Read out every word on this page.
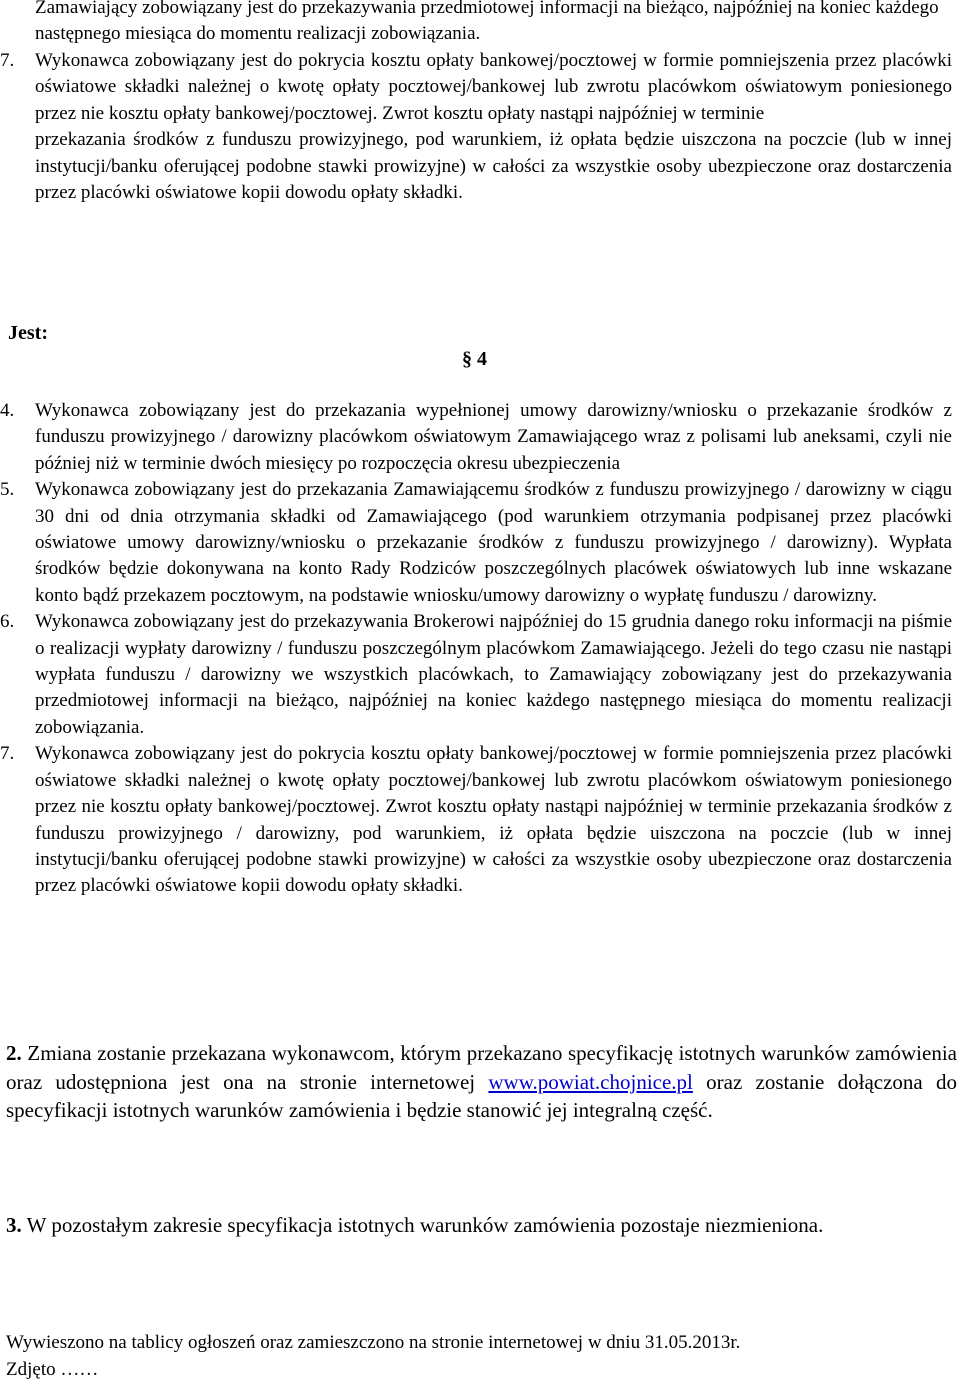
Zamawiający zobowiązany jest do przekazywania przedmiotowej informacji na bieżąco, najpóźniej na koniec każdego następnego miesiąca do momentu realizacji zobowiązania.
7. Wykonawca zobowiązany jest do pokrycia kosztu opłaty bankowej/pocztowej w formie pomniejszenia przez placówki oświatowe składki należnej o kwotę opłaty pocztowej/bankowej lub zwrotu placówkom oświatowym poniesionego przez nie kosztu opłaty bankowej/pocztowej. Zwrot kosztu opłaty nastąpi najpóźniej w terminie
przekazania środków z funduszu prowizyjnego, pod warunkiem, iż opłata będzie uiszczona na poczcie (lub w innej instytucji/banku oferującej podobne stawki prowizyjne) w całości za wszystkie osoby ubezpieczone oraz dostarczenia przez placówki oświatowe kopii dowodu opłaty składki.
Jest:
§ 4
4. Wykonawca zobowiązany jest do przekazania wypełnionej umowy darowizny/wniosku o przekazanie środków z funduszu prowizyjnego / darowizny placówkom oświatowym Zamawiającego wraz z polisami lub aneksami, czyli nie później niż w terminie dwóch miesięcy po rozpoczęcia okresu ubezpieczenia
5. Wykonawca zobowiązany jest do przekazania Zamawiającemu środków z funduszu prowizyjnego / darowizny w ciągu 30 dni od dnia otrzymania składki od Zamawiającego (pod warunkiem otrzymania podpisanej przez placówki oświatowe umowy darowizny/wniosku o przekazanie środków z funduszu prowizyjnego / darowizny). Wypłata środków będzie dokonywana na konto Rady Rodziców poszczególnych placówek oświatowych lub inne wskazane konto bądź przekazem pocztowym, na podstawie wniosku/umowy darowizny o wypłatę funduszu / darowizny.
6. Wykonawca zobowiązany jest do przekazywania Brokerowi najpóźniej do 15 grudnia danego roku informacji na piśmie o realizacji wypłaty darowizny / funduszu poszczególnym placówkom Zamawiającego. Jeżeli do tego czasu nie nastąpi wypłata funduszu / darowizny we wszystkich placówkach, to Zamawiający zobowiązany jest do przekazywania przedmiotowej informacji na bieżąco, najpóźniej na koniec każdego następnego miesiąca do momentu realizacji zobowiązania.
7. Wykonawca zobowiązany jest do pokrycia kosztu opłaty bankowej/pocztowej w formie pomniejszenia przez placówki oświatowe składki należnej o kwotę opłaty pocztowej/bankowej lub zwrotu placówkom oświatowym poniesionego przez nie kosztu opłaty bankowej/pocztowej. Zwrot kosztu opłaty nastąpi najpóźniej w terminie przekazania środków z funduszu prowizyjnego / darowizny, pod warunkiem, iż opłata będzie uiszczona na poczcie (lub w innej instytucji/banku oferującej podobne stawki prowizyjne) w całości za wszystkie osoby ubezpieczone oraz dostarczenia przez placówki oświatowe kopii dowodu opłaty składki.
2. Zmiana zostanie przekazana wykonawcom, którym przekazano specyfikację istotnych warunków zamówienia oraz udostępniona jest ona na stronie internetowej www.powiat.chojnice.pl oraz zostanie dołączona do specyfikacji istotnych warunków zamówienia i będzie stanowić jej integralną część.
3. W pozostałym zakresie specyfikacja istotnych warunków zamówienia pozostaje niezmieniona.
Wywieszono na tablicy ogłoszeń oraz zamieszczono na stronie internetowej w dniu 31.05.2013r.
Zdjęto ……
